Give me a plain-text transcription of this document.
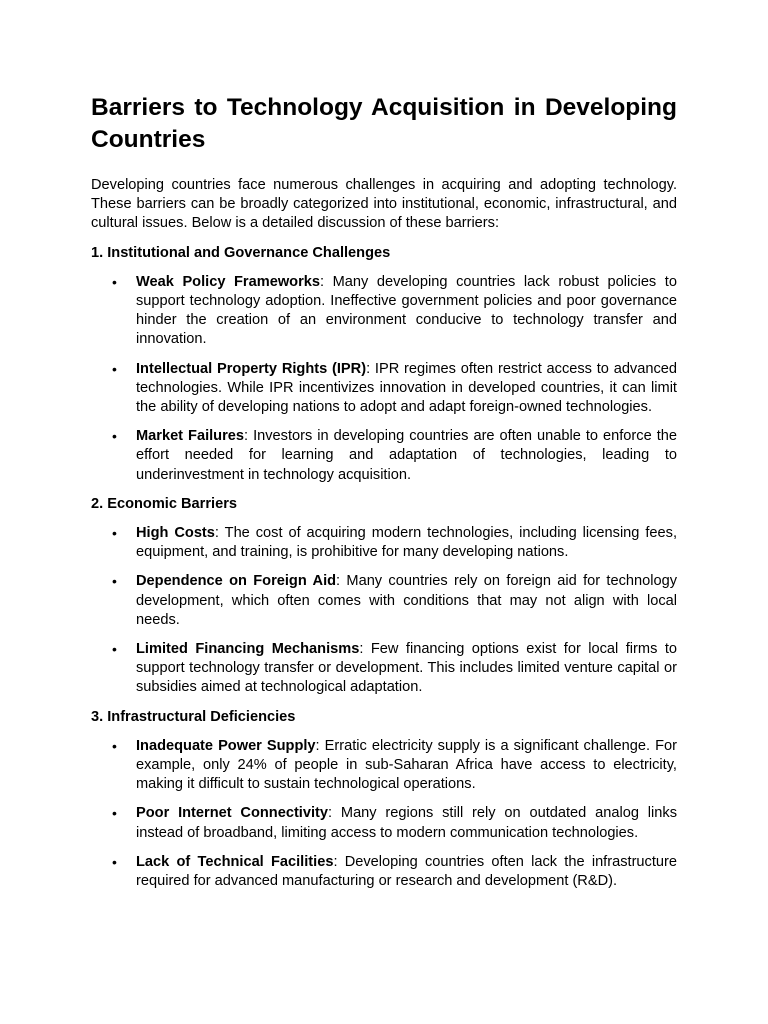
Barriers to Technology Acquisition in Developing Countries

Developing countries face numerous challenges in acquiring and adopting technology. These barriers can be broadly categorized into institutional, economic, infrastructural, and cultural issues. Below is a detailed discussion of these barriers:

1. Institutional and Governance Challenges
• Weak Policy Frameworks: Many developing countries lack robust policies to support technology adoption. Ineffective government policies and poor governance hinder the creation of an environment conducive to technology transfer and innovation.
• Intellectual Property Rights (IPR): IPR regimes often restrict access to advanced technologies. While IPR incentivizes innovation in developed countries, it can limit the ability of developing nations to adopt and adapt foreign-owned technologies.
• Market Failures: Investors in developing countries are often unable to enforce the effort needed for learning and adaptation of technologies, leading to underinvestment in technology acquisition.
2. Economic Barriers
• High Costs: The cost of acquiring modern technologies, including licensing fees, equipment, and training, is prohibitive for many developing nations.
• Dependence on Foreign Aid: Many countries rely on foreign aid for technology development, which often comes with conditions that may not align with local needs.
• Limited Financing Mechanisms: Few financing options exist for local firms to support technology transfer or development. This includes limited venture capital or subsidies aimed at technological adaptation.
3. Infrastructural Deficiencies
• Inadequate Power Supply: Erratic electricity supply is a significant challenge. For example, only 24% of people in sub-Saharan Africa have access to electricity, making it difficult to sustain technological operations.
• Poor Internet Connectivity: Many regions still rely on outdated analog links instead of broadband, limiting access to modern communication technologies.
• Lack of Technical Facilities: Developing countries often lack the infrastructure required for advanced manufacturing or research and development (R&D).
